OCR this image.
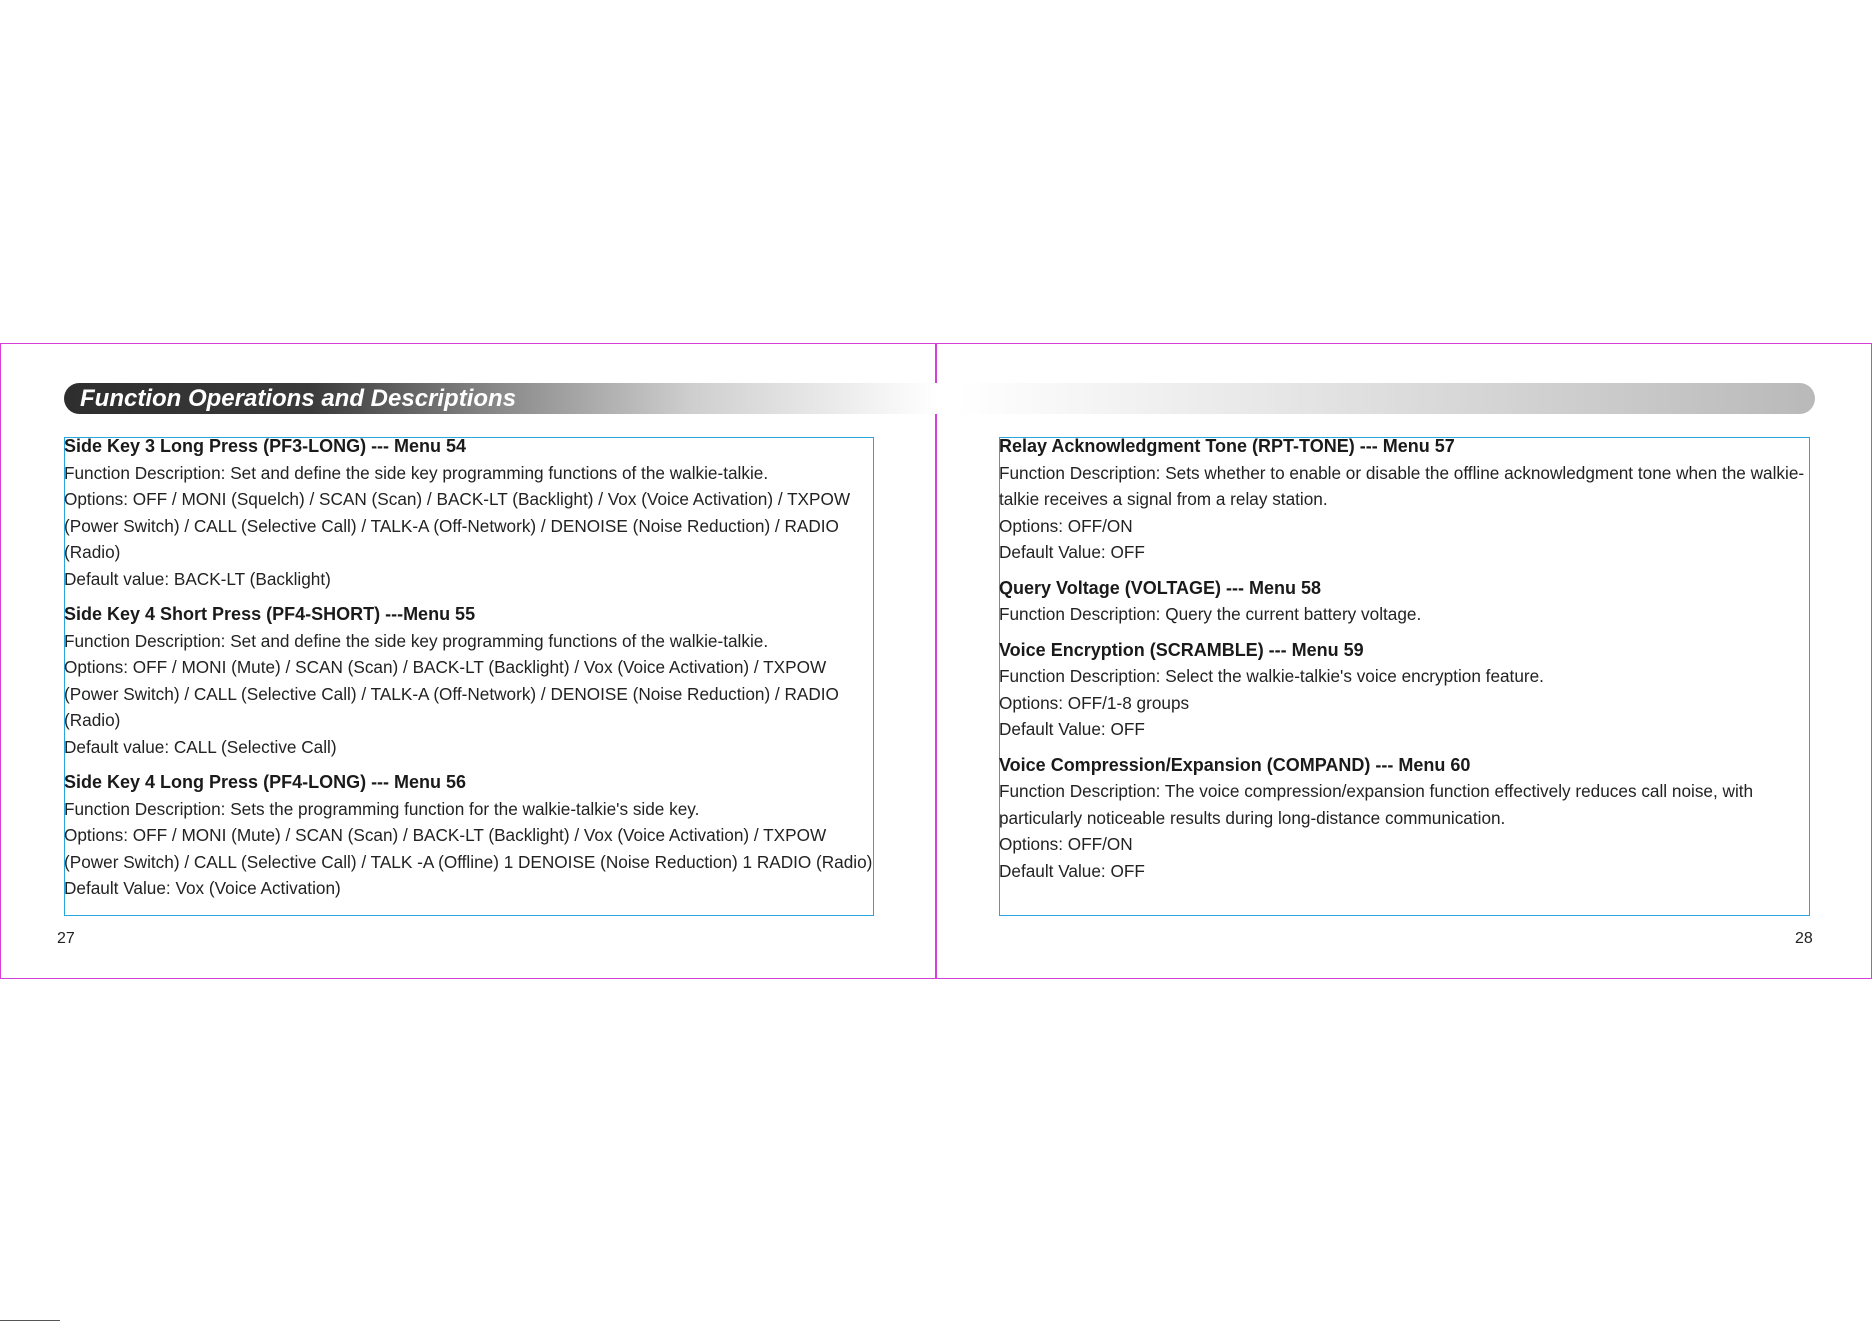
Function Operations and Descriptions
Side Key 3 Long Press (PF3-LONG) --- Menu 54

Function Description: Set and define the side key programming functions of the walkie-talkie.

Options: OFF / MONI (Squelch) / SCAN (Scan) / BACK-LT (Backlight) / Vox (Voice Activation) / TXPOW (Power Switch) / CALL (Selective Call) / TALK-A (Off-Network) / DENOISE (Noise Reduction) / RADIO (Radio)

Default value: BACK-LT (Backlight)

Side Key 4 Short Press (PF4-SHORT) ---Menu 55

Function Description: Set and define the side key programming functions of the walkie-talkie.

Options: OFF / MONI (Mute) / SCAN (Scan) / BACK-LT (Backlight) / Vox (Voice Activation) / TXPOW (Power Switch) / CALL (Selective Call) / TALK-A (Off-Network) / DENOISE (Noise Reduction) / RADIO (Radio)

Default value: CALL (Selective Call)

Side Key 4 Long Press (PF4-LONG) --- Menu 56

Function Description: Sets the programming function for the walkie-talkie's side key.

Options: OFF / MONI (Mute) / SCAN (Scan) / BACK-LT (Backlight) / Vox (Voice Activation) / TXPOW (Power Switch) / CALL (Selective Call) / TALK -A (Offline) 1 DENOISE (Noise Reduction) 1 RADIO (Radio)

Default Value: Vox (Voice Activation)

Relay Acknowledgment Tone (RPT-TONE) --- Menu 57

Function Description: Sets whether to enable or disable the offline acknowledgment tone when the walkie-talkie receives a signal from a relay station.

Options: OFF/ON

Default Value: OFF

Query Voltage (VOLTAGE) --- Menu 58

Function Description: Query the current battery voltage.

Voice Encryption (SCRAMBLE) --- Menu 59

Function Description: Select the walkie-talkie's voice encryption feature.

Options: OFF/1-8 groups

Default Value: OFF

Voice Compression/Expansion (COMPAND) --- Menu 60

Function Description: The voice compression/expansion function effectively reduces call noise, with particularly noticeable results during long-distance communication.

Options: OFF/ON

Default Value: OFF

27	28
